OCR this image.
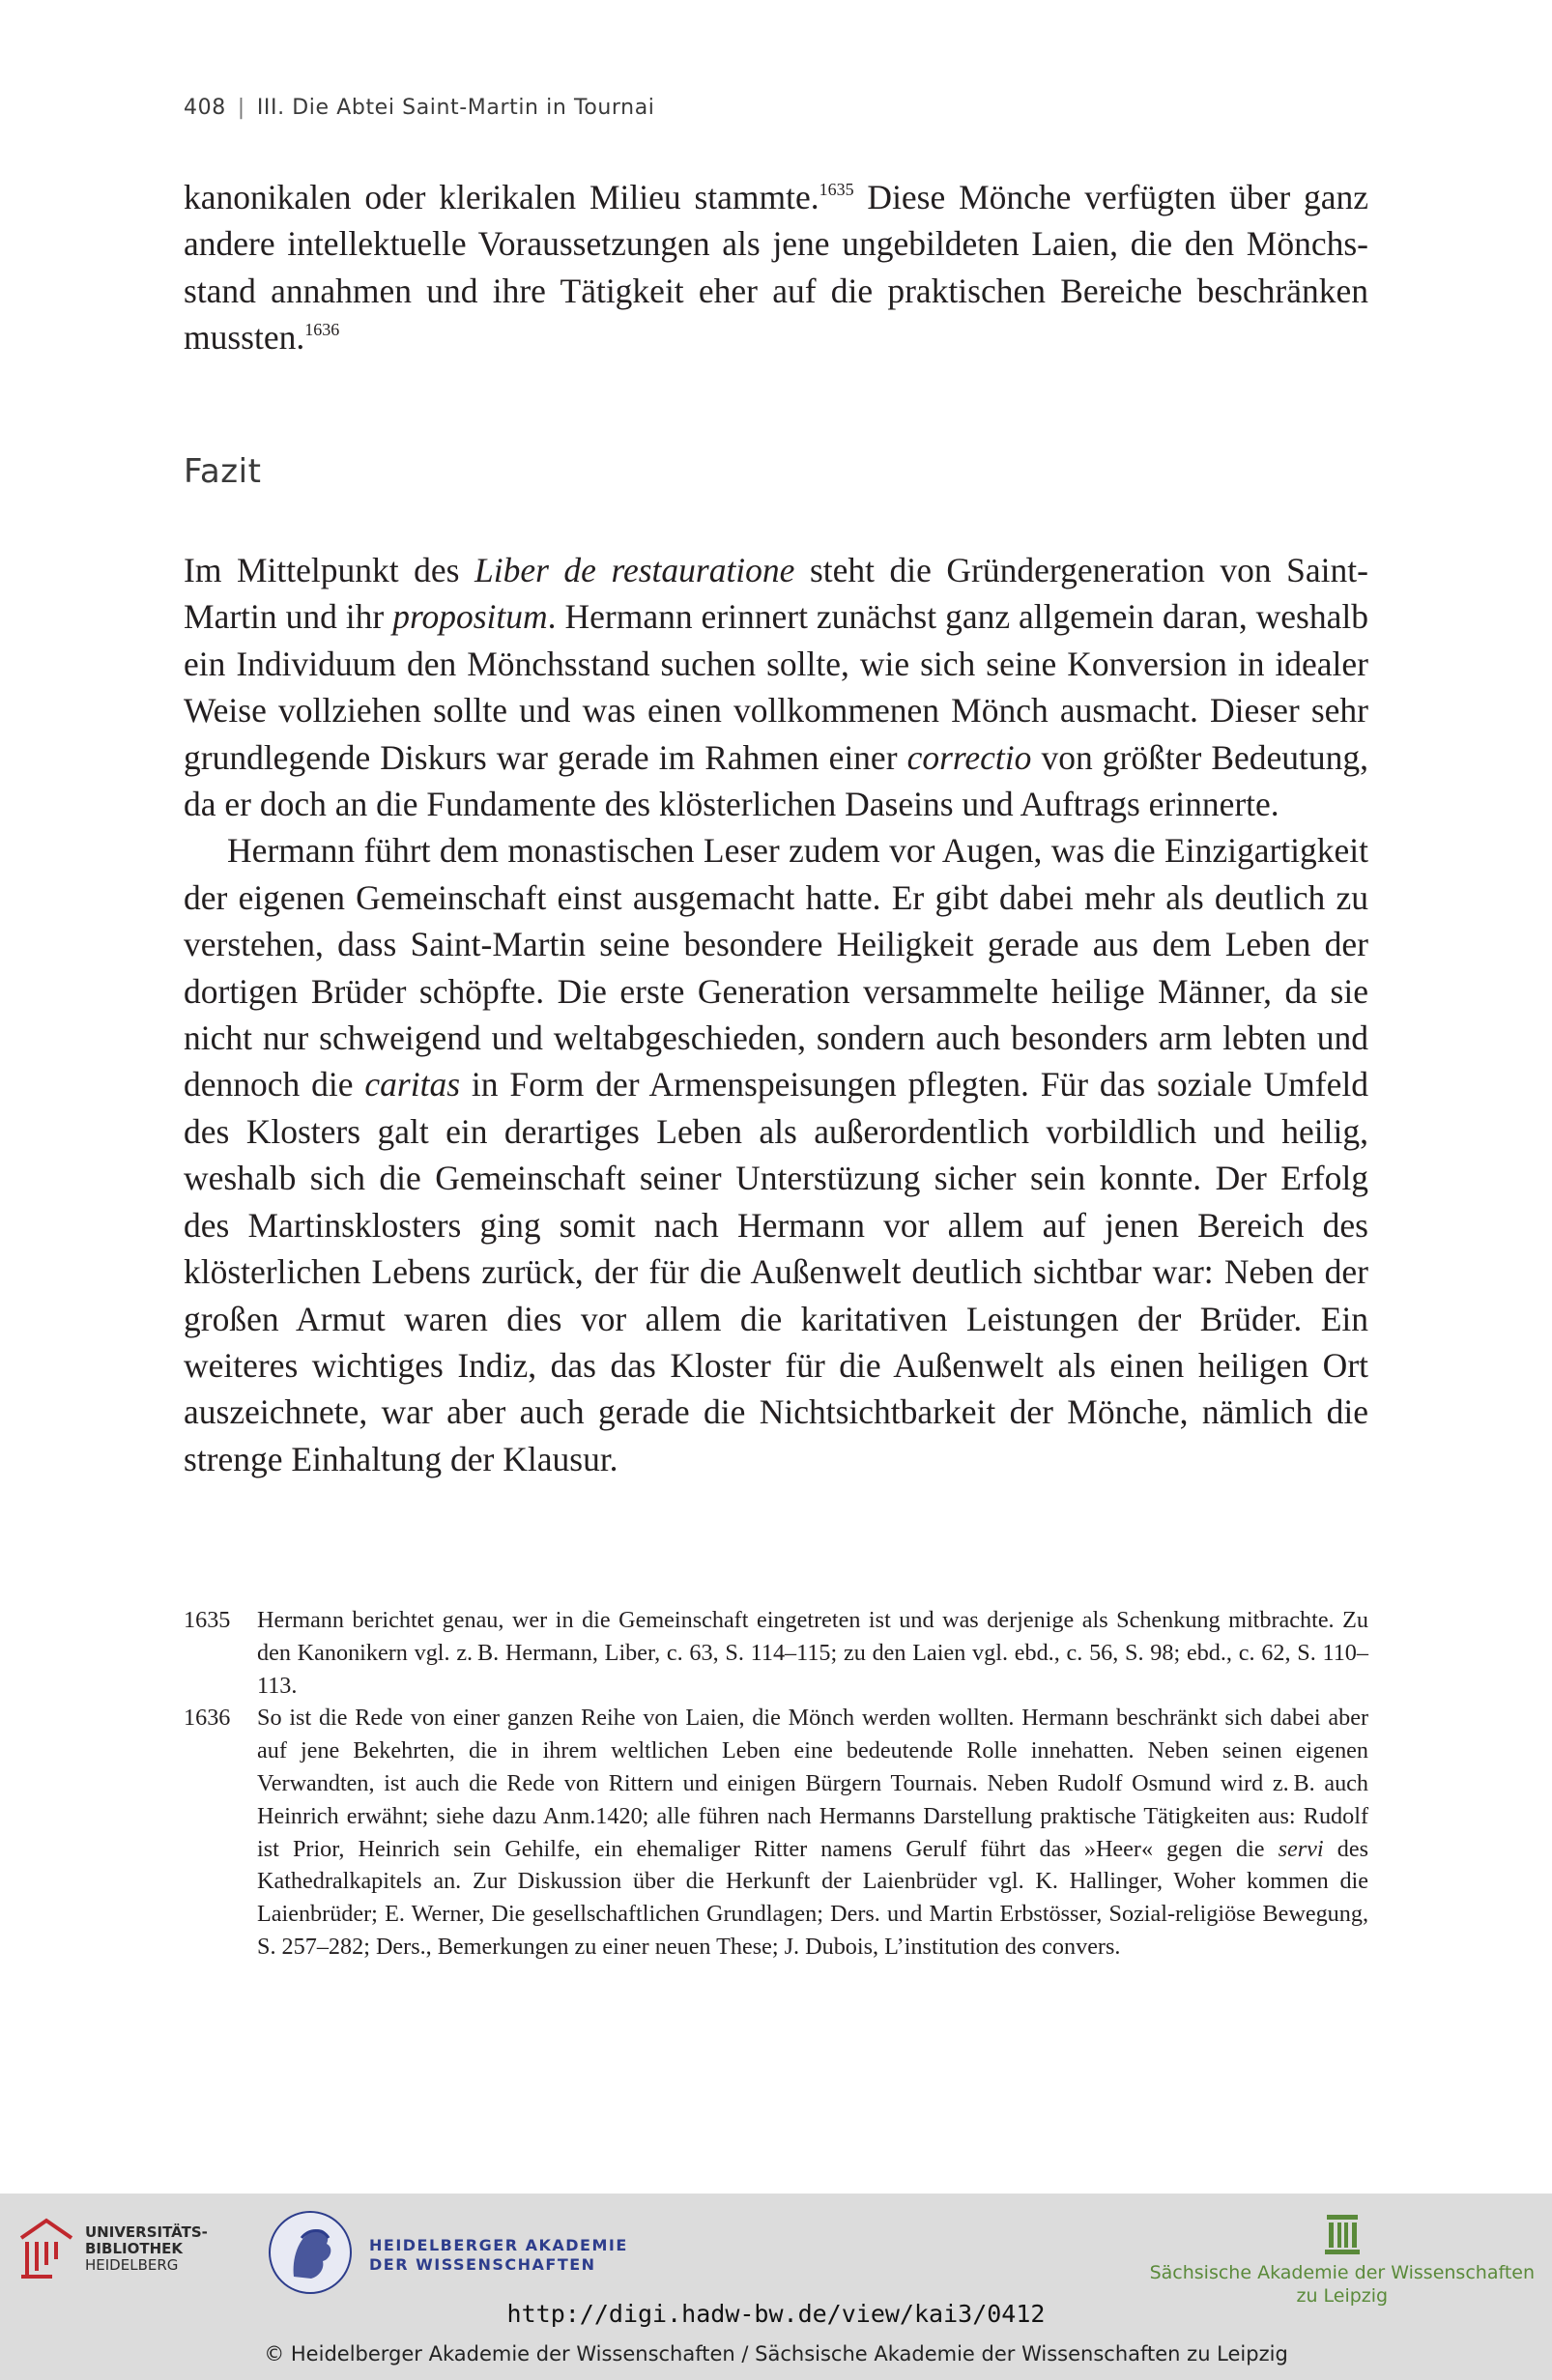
408 | III. Die Abtei Saint-Martin in Tournai

kanonikalen oder klerikalen Milieu stammte.$^{1635}$ Diese Mönche verfügten über ganz andere intellektuelle Voraussetzungen als jene ungebildeten Laien, die den Mönchsstand annahmen und ihre Tätigkeit eher auf die praktischen Bereiche beschränken mussten.$^{1636}$

Fazit

Im Mittelpunkt des Liber de restauratione steht die Gründergeneration von Saint-Martin und ihr propositum. Hermann erinnert zunächst ganz allgemein daran, weshalb ein Individuum den Mönchsstand suchen sollte, wie sich seine Konversion in idealer Weise vollziehen sollte und was einen vollkommenen Mönch ausmacht. Dieser sehr grundlegende Diskurs war gerade im Rahmen einer correctio von größter Bedeutung, da er doch an die Fundamente des klösterlichen Daseins und Auftrags erinnerte.

Hermann führt dem monastischen Leser zudem vor Augen, was die Einzigartigkeit der eigenen Gemeinschaft einst ausgemacht hatte. Er gibt dabei mehr als deutlich zu verstehen, dass Saint-Martin seine besondere Heiligkeit gerade aus dem Leben der dortigen Brüder schöpfte. Die erste Generation versammelte heilige Männer, da sie nicht nur schweigend und weltabgeschieden, sondern auch besonders arm lebten und dennoch die caritas in Form der Armenspeisungen pflegten. Für das soziale Umfeld des Klosters galt ein derartiges Leben als außerordentlich vorbildlich und heilig, weshalb sich die Gemeinschaft seiner Unterstüzung sicher sein konnte. Der Erfolg des Martinsklosters ging somit nach Hermann vor allem auf jenen Bereich des klösterlichen Lebens zurück, der für die Außenwelt deutlich sichtbar war: Neben der großen Armut waren dies vor allem die karitativen Leistungen der Brüder. Ein weiteres wichtiges Indiz, das das Kloster für die Außenwelt als einen heiligen Ort auszeichnete, war aber auch gerade die Nichtsichtbarkeit der Mönche, nämlich die strenge Einhaltung der Klausur.

1635	Hermann berichtet genau, wer in die Gemeinschaft eingetreten ist und was derjenige als Schenkung mitbrachte. Zu den Kanonikern vgl. z. B. Hermann, Liber, c. 63, S. 114–115; zu den Laien vgl. ebd., c. 56, S. 98; ebd., c. 62, S. 110–113.
1636	So ist die Rede von einer ganzen Reihe von Laien, die Mönch werden wollten. Hermann beschränkt sich dabei aber auf jene Bekehrten, die in ihrem weltlichen Leben eine bedeutende Rolle innehatten. Neben seinen eigenen Verwandten, ist auch die Rede von Rittern und einigen Bürgern Tournais. Neben Rudolf Osmund wird z. B. auch Heinrich erwähnt; siehe dazu Anm.1420; alle führen nach Hermanns Darstellung praktische Tätigkeiten aus: Rudolf ist Prior, Heinrich sein Gehilfe, ein ehemaliger Ritter namens Gerulf führt das »Heer« gegen die servi des Kathedralkapitels an. Zur Diskussion über die Herkunft der Laienbrüder vgl. K. Hallinger, Woher kommen die Laienbrüder; E. Werner, Die gesellschaftlichen Grundlagen; Ders. und Martin Erbstösser, Sozial-religiöse Bewegung, S. 257–282; Ders., Bemerkungen zu einer neuen These; J. Dubois, L’institution des convers.
UNIVERSITÄTS-
BIBLIOTHEK
HEIDELBERG
HEIDELBERGER AKADEMIE
DER WISSENSCHAFTEN	Sächsische Akademie der Wissenschaften
zu Leipzig
http://digi.hadw-bw.de/view/kai3/0412
© Heidelberger Akademie der Wissenschaften / Sächsische Akademie der Wissenschaften zu Leipzig
